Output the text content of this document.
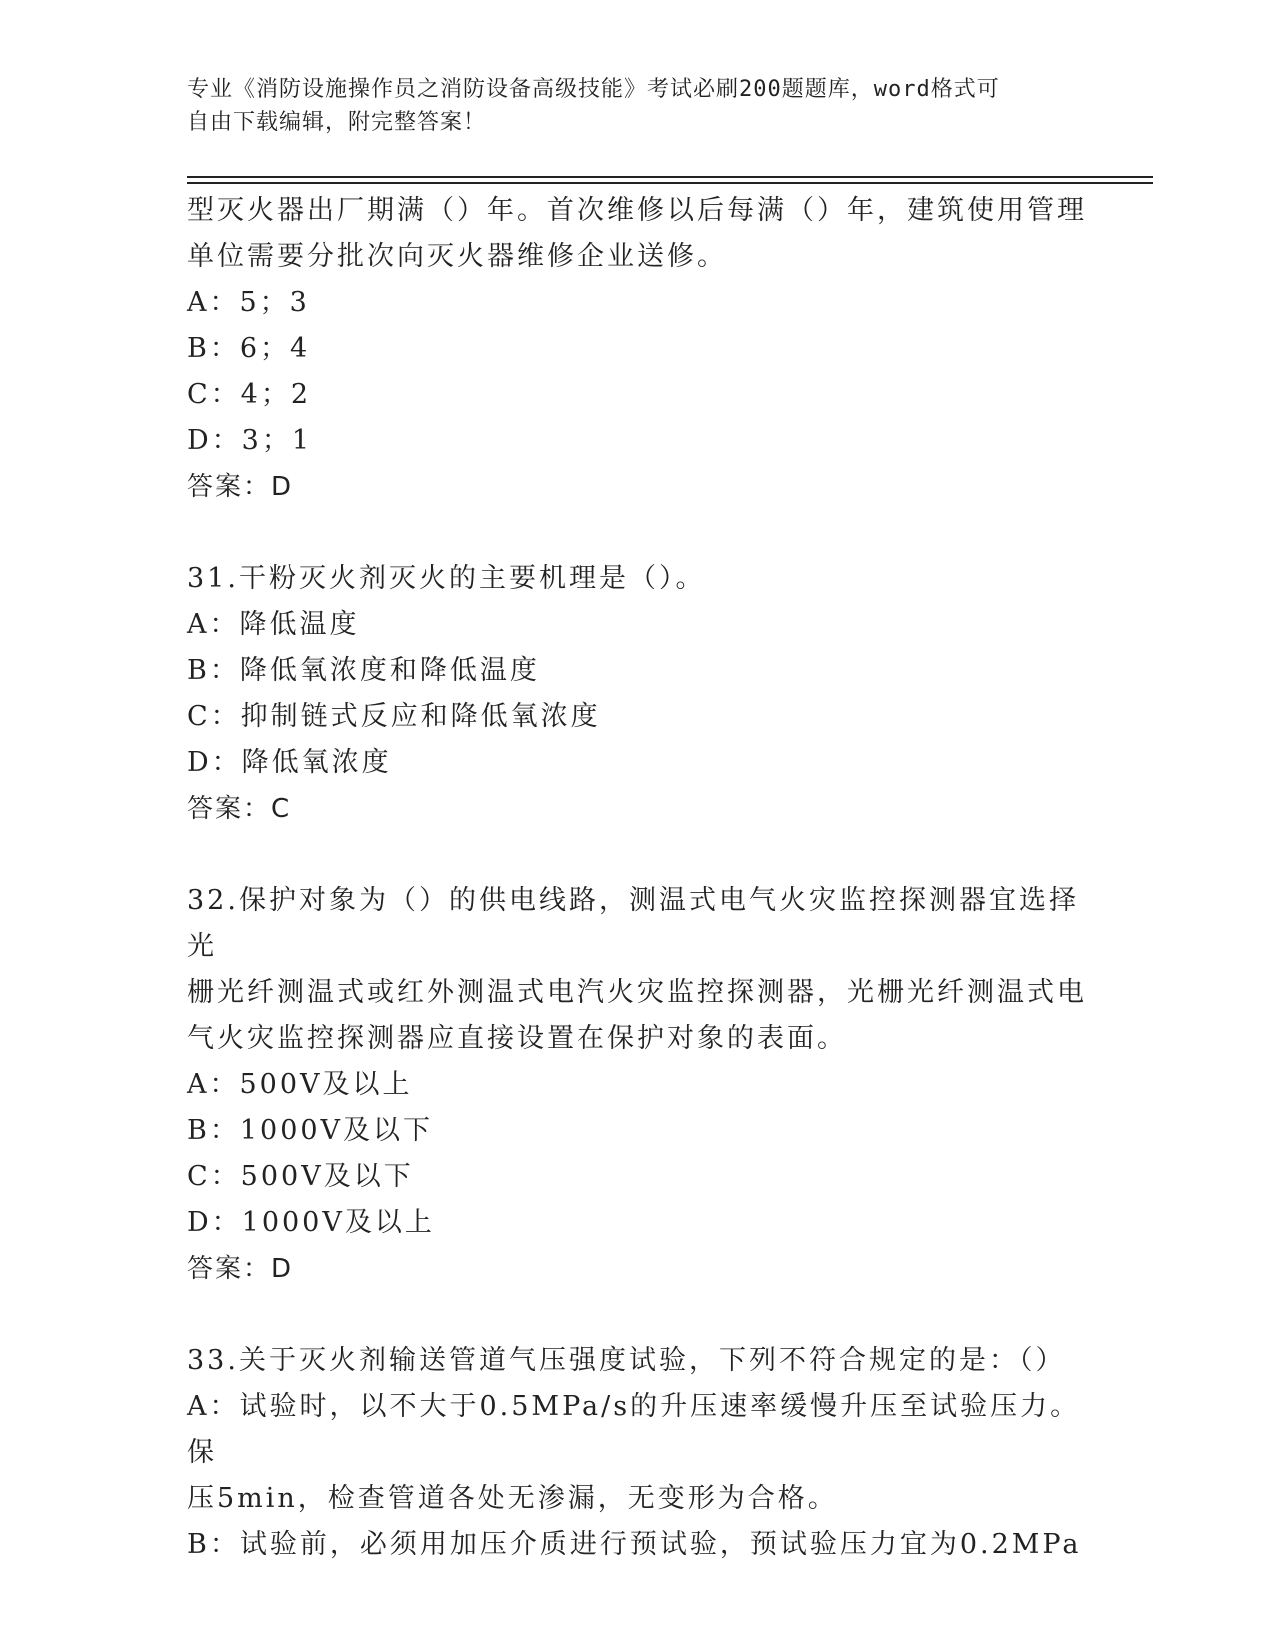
专业《消防设施操作员之消防设备高级技能》考试必刷200题题库，word格式可
自由下载编辑，附完整答案！
型灭火器出厂期满（）年。首次维修以后每满（）年，建筑使用管理
单位需要分批次向灭火器维修企业送修。
A：5；3
B：6；4
C：4；2
D：3；1
答案：D
31.干粉灭火剂灭火的主要机理是（）。
A：降低温度
B：降低氧浓度和降低温度
C：抑制链式反应和降低氧浓度
D：降低氧浓度
答案：C
32.保护对象为（）的供电线路，测温式电气火灾监控探测器宜选择光
栅光纤测温式或红外测温式电汽火灾监控探测器，光栅光纤测温式电
气火灾监控探测器应直接设置在保护对象的表面。
A：500V及以上
B：1000V及以下
C：500V及以下
D：1000V及以上
答案：D
33.关于灭火剂输送管道气压强度试验，下列不符合规定的是：（）
A：试验时，以不大于0.5MPa/s的升压速率缓慢升压至试验压力。保
压5min，检查管道各处无渗漏，无变形为合格。
B：试验前，必须用加压介质进行预试验，预试验压力宜为0.2MPa
